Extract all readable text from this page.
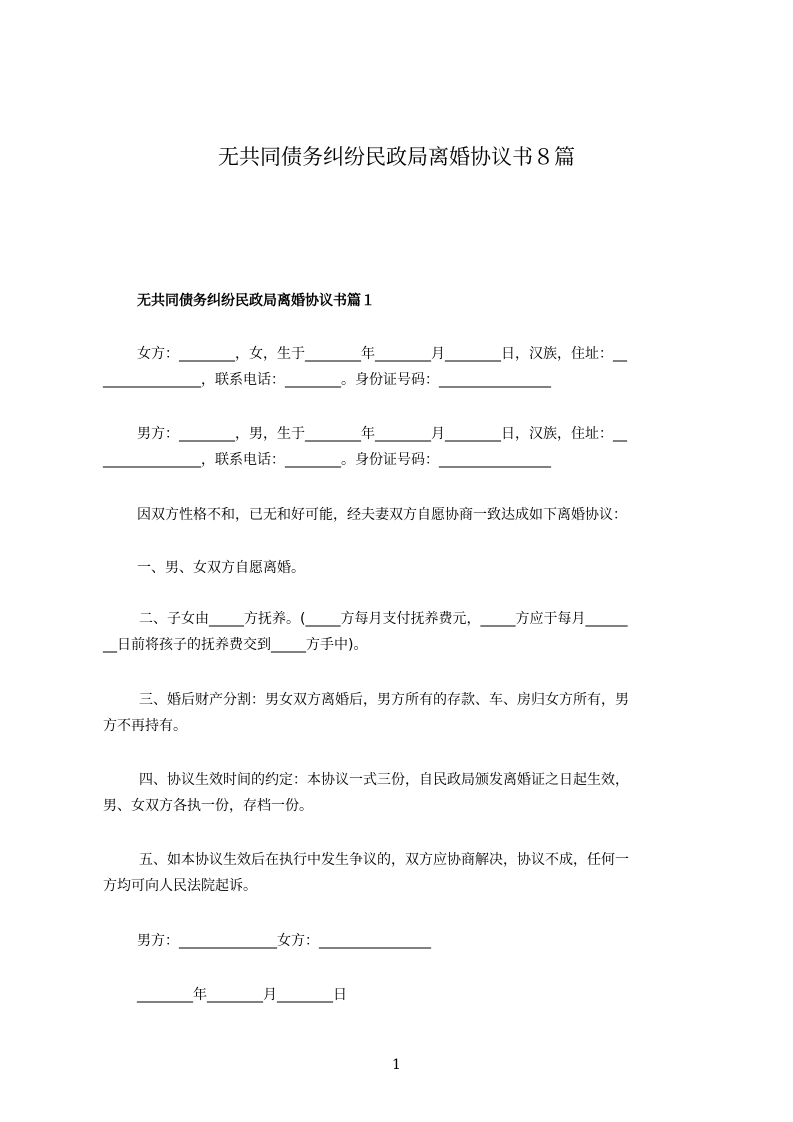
无共同债务纠纷民政局离婚协议书８篇
无共同债务纠纷民政局离婚协议书篇１
女方：________，女，生于________年________月________日，汉族，住址：__
______________，联系电话：________。身份证号码：________________
男方：________，男，生于________年________月________日，汉族，住址：__
______________，联系电话：________。身份证号码：________________
因双方性格不和，已无和好可能，经夫妻双方自愿协商一致达成如下离婚协议：
一、男、女双方自愿离婚。
二、子女由_____方抚养。(_____方每月支付抚养费元，_____方应于每月______
__日前将孩子的抚养费交到_____方手中)。
三、婚后财产分割：男女双方离婚后，男方所有的存款、车、房归女方所有，男
方不再持有。
四、协议生效时间的约定：本协议一式三份，自民政局颁发离婚证之日起生效，
男、女双方各执一份，存档一份。
五、如本协议生效后在执行中发生争议的，双方应协商解决，协议不成，任何一
方均可向人民法院起诉。
男方：______________女方：________________
________年________月________日
1
